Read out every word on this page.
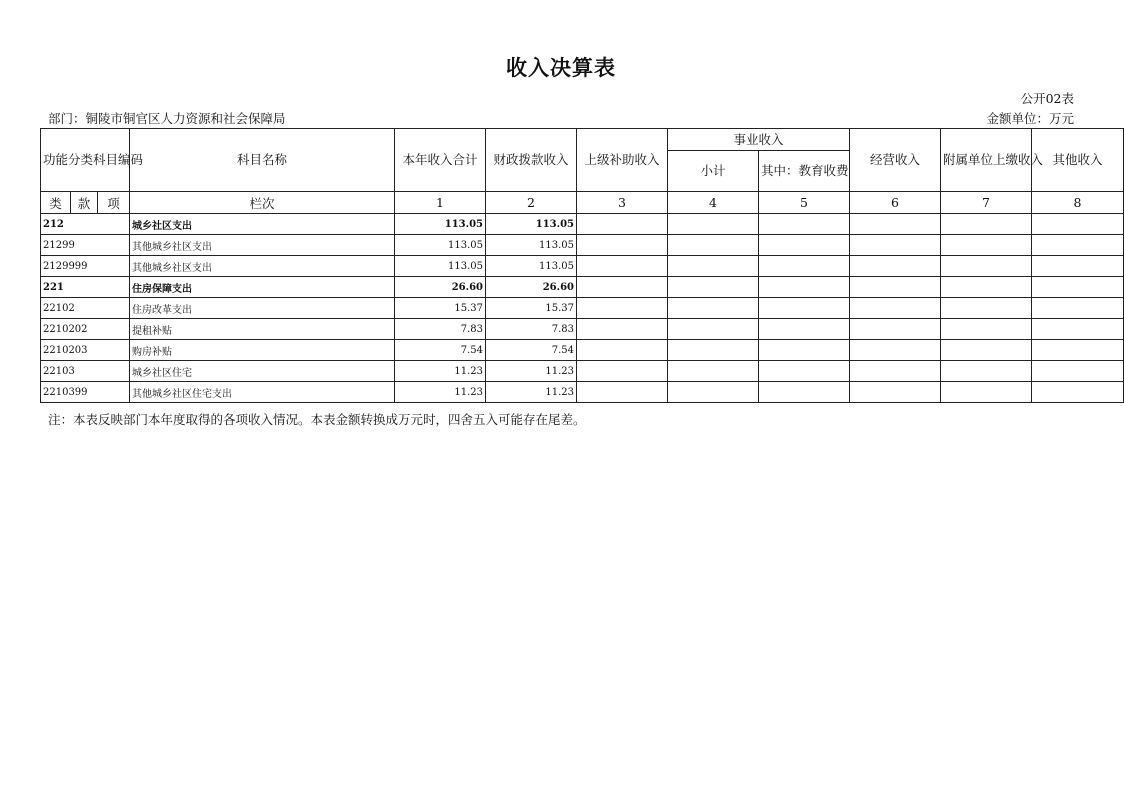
收入决算表
公开02表
部门：铜陵市铜官区人力资源和社会保障局	金额单位：万元
功能分类科目编码			科目名称	本年收入合计	财政拨款收入	上级补助收入	事业收入		经营收入	附属单位上缴收入	其他收入
							小计	其中：教育收费			
类	款	项	栏次	1	2	3	4	5	6	7	8
212			城乡社区支出	113.05	113.05						
21299			其他城乡社区支出	113.05	113.05						
2129999			其他城乡社区支出	113.05	113.05						
221			住房保障支出	26.60	26.60						
22102			住房改革支出	15.37	15.37						
2210202			提租补贴	7.83	7.83						
2210203			购房补贴	7.54	7.54						
22103			城乡社区住宅	11.23	11.23						
2210399			其他城乡社区住宅支出	11.23	11.23						
注：本表反映部门本年度取得的各项收入情况。本表金额转换成万元时，四舍五入可能存在尾差。
